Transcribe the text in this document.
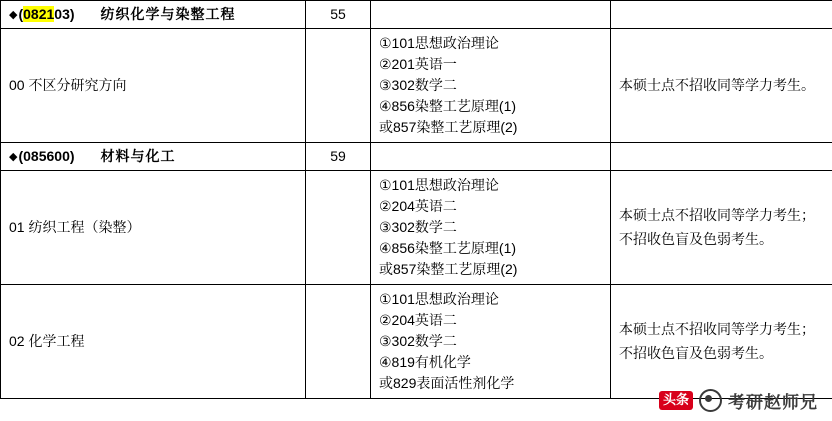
◆(082103) 纺织化学与染整工程	55		
00 不区分研究方向		①101思想政治理论
②201英语一
③302数学二
④856染整工艺原理(1)
或857染整工艺原理(2)	本硕士点不招收同等学力考生。

◆(085600) 材料与化工	59		
01 纺织工程（染整）		①101思想政治理论
②204英语二
③302数学二
④856染整工艺原理(1)
或857染整工艺原理(2)	本硕士点不招收同等学力考生；不招收色盲及色弱考生。

02 化学工程		①101思想政治理论
②204英语二
③302数学二
④819有机化学
或829表面活性剂化学	本硕士点不招收同等学力考生；不招收色盲及色弱考生。
头条 考研赵师兄
